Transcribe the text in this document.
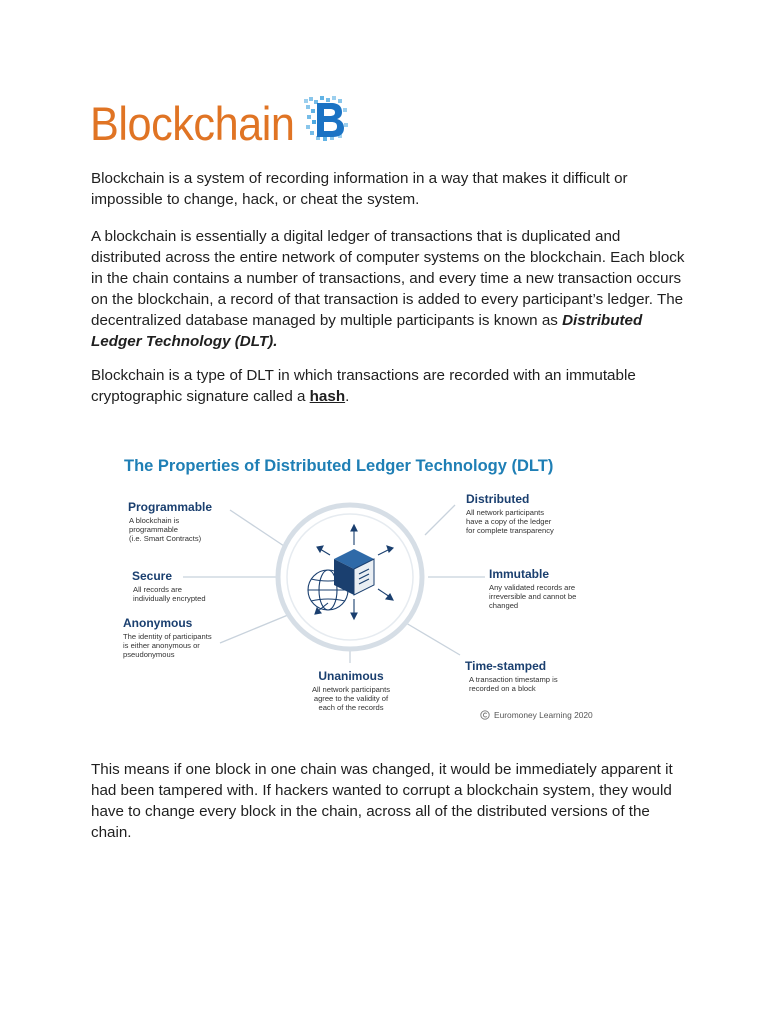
Blockchain

Blockchain is a system of recording information in a way that makes it difficult or impossible to change, hack, or cheat the system.

A blockchain is essentially a digital ledger of transactions that is duplicated and distributed across the entire network of computer systems on the blockchain. Each block in the chain contains a number of transactions, and every time a new transaction occurs on the blockchain, a record of that transaction is added to every participant’s ledger. The decentralized database managed by multiple participants is known as Distributed Ledger Technology (DLT).

Blockchain is a type of DLT in which transactions are recorded with an immutable cryptographic signature called a hash.

The Properties of Distributed Ledger Technology (DLT)
Programmable
A blockchain is
programmable
(i.e. Smart Contracts)
Secure
All records are
individually encrypted
Anonymous
The identity of participants
is either anonymous or
pseudonymous
Unanimous
All network participants
agree to the validity of
each of the records
Distributed
All network participants
have a copy of the ledger
for complete transparency
Immutable
Any validated records are
irreversible and cannot be
changed
Time-stamped
A transaction timestamp is
recorded on a block
Euromoney Learning 2020

This means if one block in one chain was changed, it would be immediately apparent it had been tampered with. If hackers wanted to corrupt a blockchain system, they would have to change every block in the chain, across all of the distributed versions of the chain.
